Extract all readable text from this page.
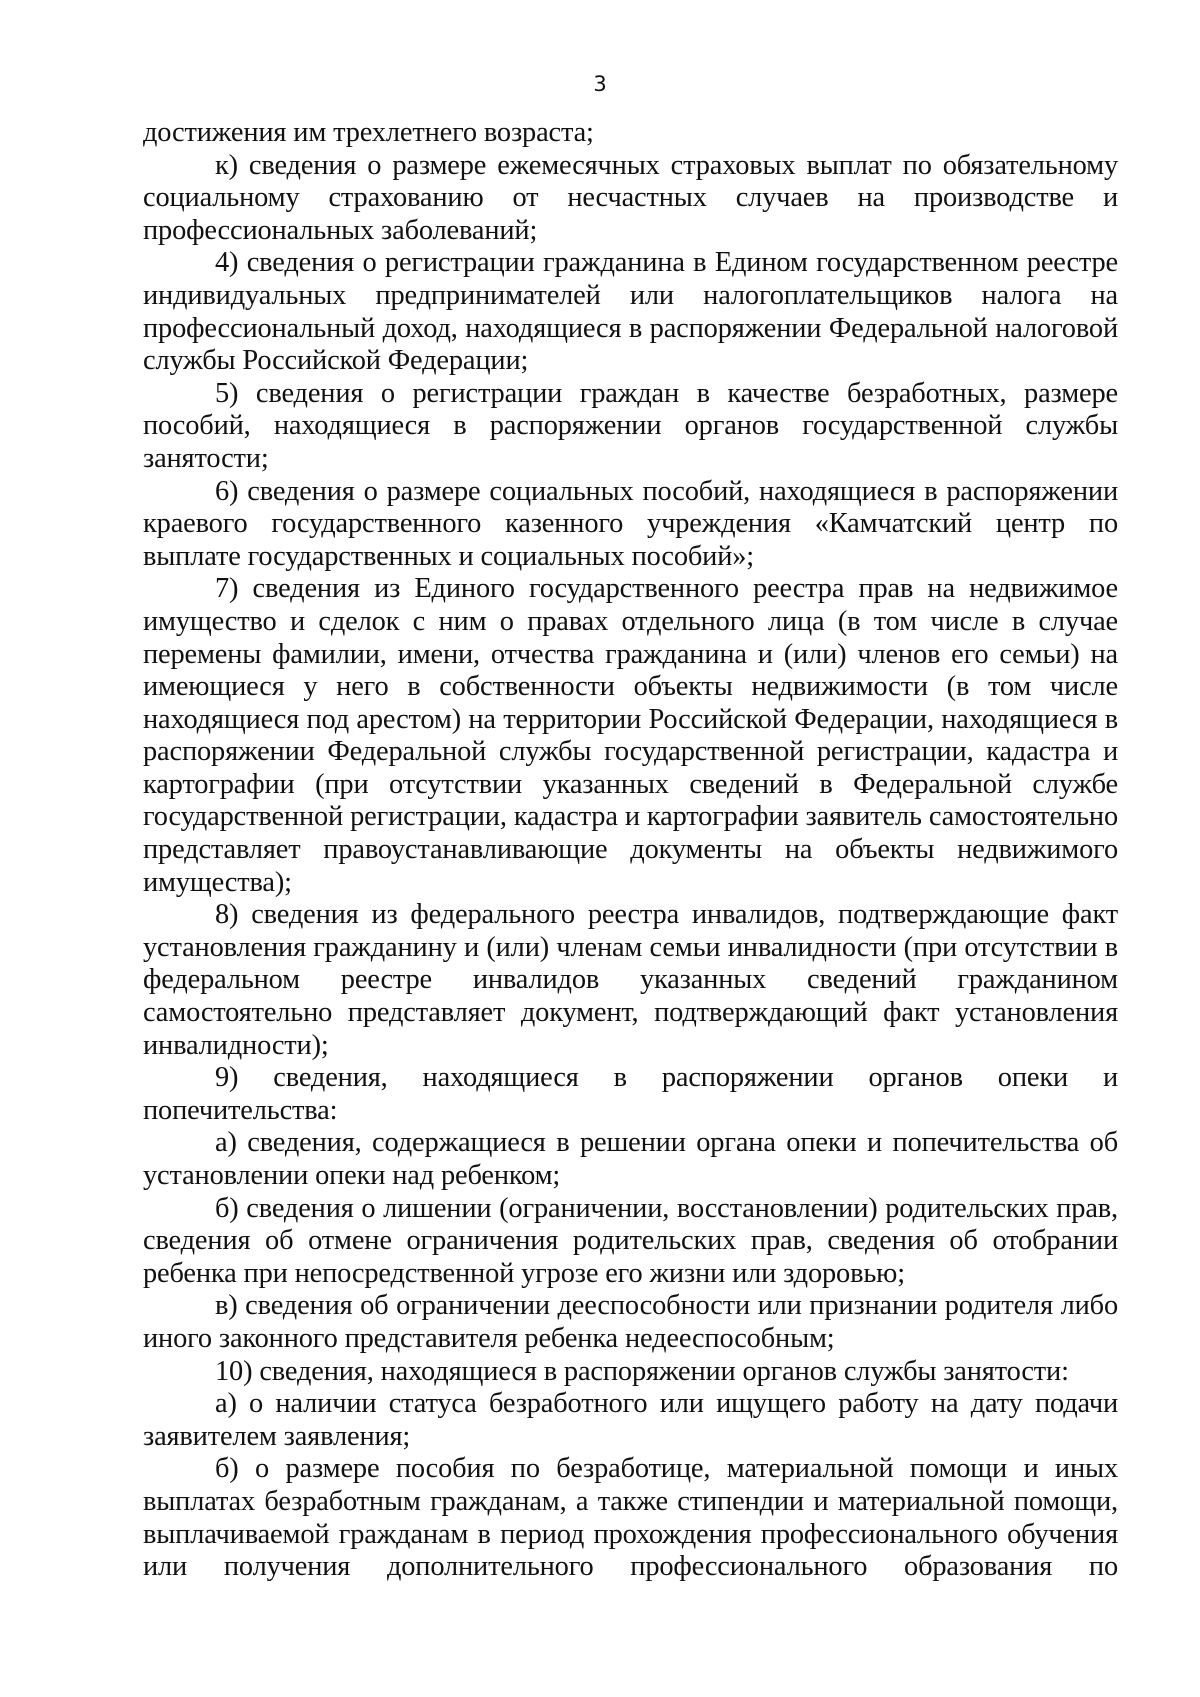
3

достижения им трехлетнего возраста;

к) сведения о размере ежемесячных страховых выплат по обязательному социальному страхованию от несчастных случаев на производстве и профессиональных заболеваний;

4) сведения о регистрации гражданина в Едином государственном реестре индивидуальных предпринимателей или налогоплательщиков налога на профессиональный доход, находящиеся в распоряжении Федеральной налоговой службы Российской Федерации;

5) сведения о регистрации граждан в качестве безработных, размере пособий, находящиеся в распоряжении органов государственной службы занятости;

6) сведения о размере социальных пособий, находящиеся в распоряжении краевого государственного казенного учреждения «Камчатский центр по выплате государственных и социальных пособий»;

7) сведения из Единого государственного реестра прав на недвижимое имущество и сделок с ним о правах отдельного лица (в том числе в случае перемены фамилии, имени, отчества гражданина и (или) членов его семьи) на имеющиеся у него в собственности объекты недвижимости (в том числе находящиеся под арестом) на территории Российской Федерации, находящиеся в распоряжении Федеральной службы государственной регистрации, кадастра и картографии (при отсутствии указанных сведений в Федеральной службе государственной регистрации, кадастра и картографии заявитель самостоятельно представляет правоустанавливающие документы на объекты недвижимого имущества);

8) сведения из федерального реестра инвалидов, подтверждающие факт установления гражданину и (или) членам семьи инвалидности (при отсутствии в федеральном реестре инвалидов указанных сведений гражданином самостоятельно представляет документ, подтверждающий факт установления инвалидности);

9) сведения, находящиеся в распоряжении органов опеки и попечительства:

а) сведения, содержащиеся в решении органа опеки и попечительства об установлении опеки над ребенком;

б) сведения о лишении (ограничении, восстановлении) родительских прав, сведения об отмене ограничения родительских прав, сведения об отобрании ребенка при непосредственной угрозе его жизни или здоровью;

в) сведения об ограничении дееспособности или признании родителя либо иного законного представителя ребенка недееспособным;

10) сведения, находящиеся в распоряжении органов службы занятости:

а) о наличии статуса безработного или ищущего работу на дату подачи заявителем заявления;

б) о размере пособия по безработице, материальной помощи и иных выплатах безработным гражданам, а также стипендии и материальной помощи, выплачиваемой гражданам в период прохождения профессионального обучения или получения дополнительного профессионального образования по
